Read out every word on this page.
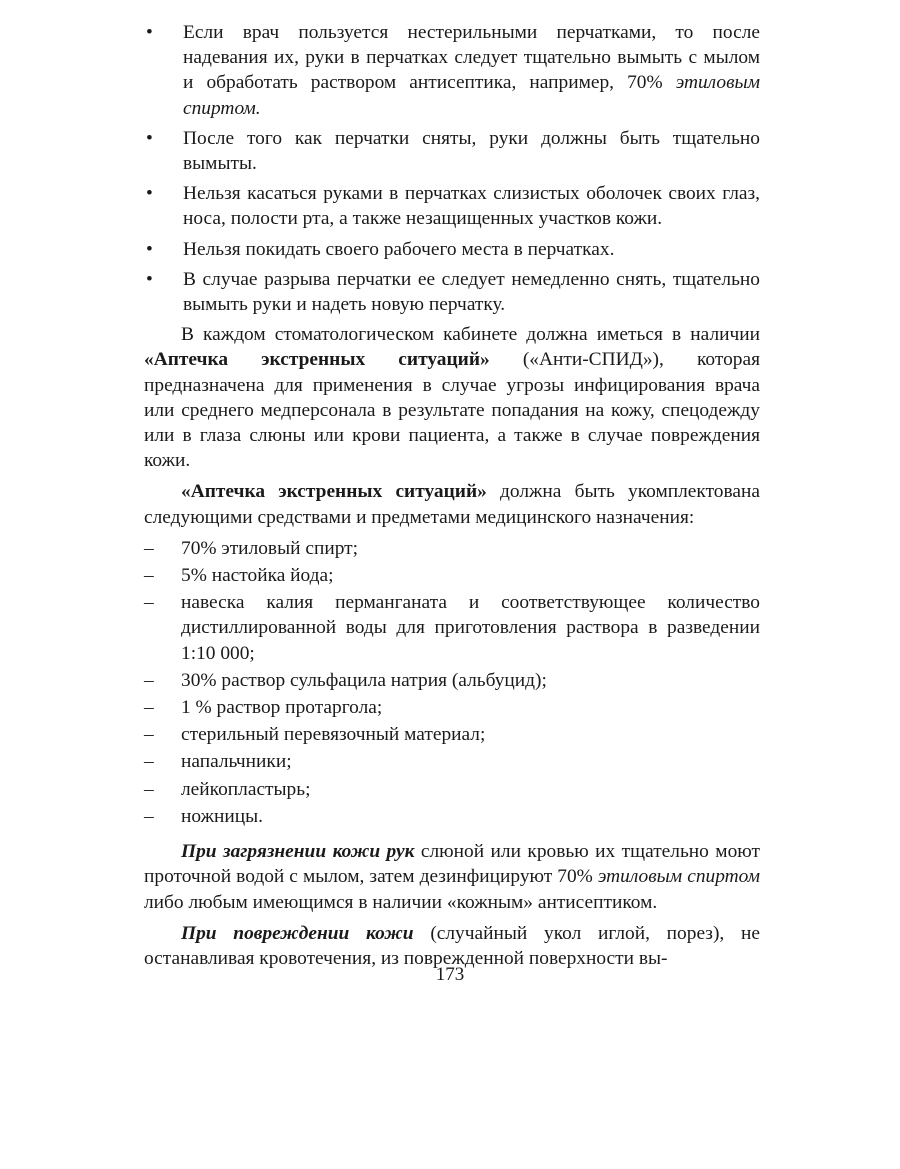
•	Если врач пользуется нестерильными перчатками, то после надевания их, руки в перчатках следует тщательно вымыть с мылом и обработать раствором антисептика, например, 70% этиловым спиртом.
•	После того как перчатки сняты, руки должны быть тщательно вымыты.
•	Нельзя касаться руками в перчатках слизистых оболочек своих глаз, носа, полости рта, а также незащищенных участков кожи.
•	Нельзя покидать своего рабочего места в перчатках.
•	В случае разрыва перчатки ее следует немедленно снять, тщательно вымыть руки и надеть новую перчатку.

В каждом стоматологическом кабинете должна иметься в наличии «Аптечка экстренных ситуаций» («Анти-СПИД»), которая предназначена для применения в случае угрозы инфицирования врача или среднего медперсонала в результате попадания на кожу, спецодежду или в глаза слюны или крови пациента, а также в случае повреждения кожи.

«Аптечка экстренных ситуаций» должна быть укомплектована следующими средствами и предметами медицинского назначения:

–	70% этиловый спирт;
–	5% настойка йода;
–	навеска калия перманганата и соответствующее количество дистиллированной воды для приготовления раствора в разведении 1:10 000;
–	30% раствор сульфацила натрия (альбуцид);
–	1 % раствор протаргола;
–	стерильный перевязочный материал;
–	напальчники;
–	лейкопластырь;
–	ножницы.

При загрязнении кожи рук слюной или кровью их тщательно моют проточной водой с мылом, затем дезинфицируют 70% этиловым спиртом либо любым имеющимся в наличии «кожным» антисептиком.

При повреждении кожи (случайный укол иглой, порез), не останавливая кровотечения, из поврежденной поверхности вы-

173
